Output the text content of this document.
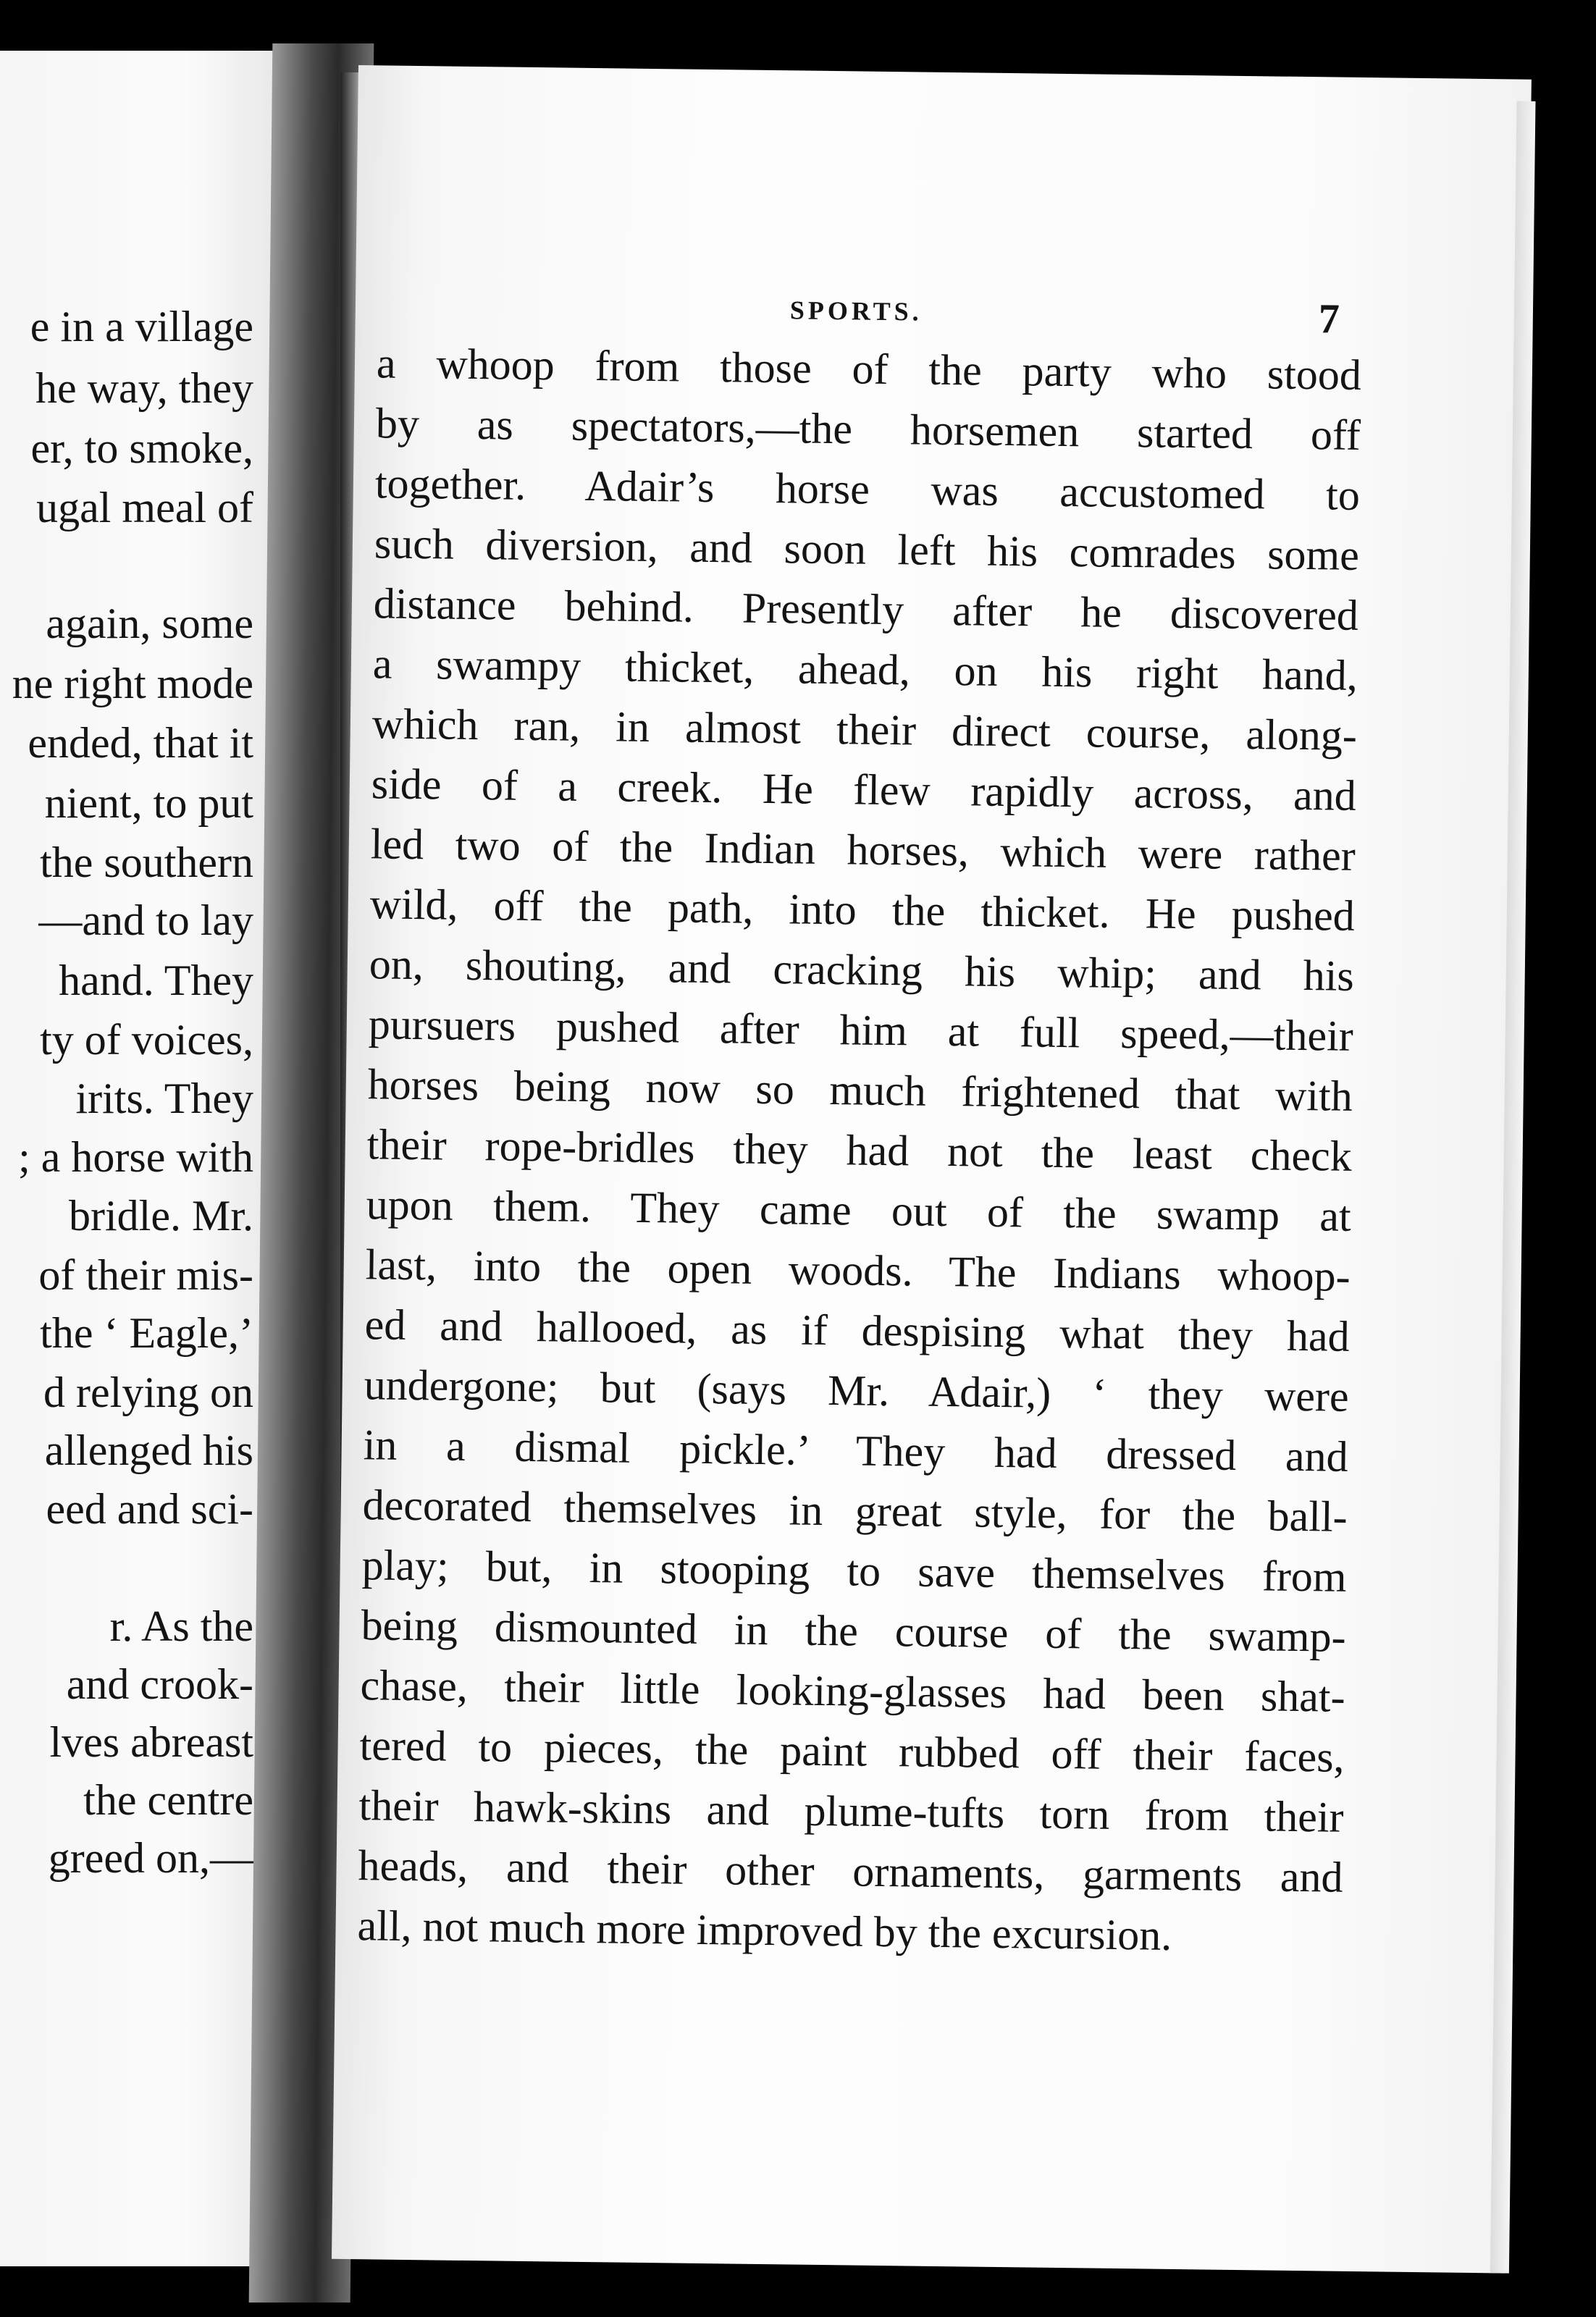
e in a village
he way, they
er, to smoke,
ugal meal of
again, some
ne right mode
ended, that it
nient, to put
the southern
—and to lay
hand. They
ty of voices,
irits. They
; a horse with
bridle. Mr.
of their mis-
the ‘ Eagle,’
d relying on
allenged his
eed and sci-
r. As the
and crook-
lves abreast
the centre
greed on,—
SPORTS.	7
a whoop from those of the party who stood
by as spectators,—the horsemen started off
together. Adair’s horse was accustomed to
such diversion, and soon left his comrades some
distance behind. Presently after he discovered
a swampy thicket, ahead, on his right hand,
which ran, in almost their direct course, along-
side of a creek. He flew rapidly across, and
led two of the Indian horses, which were rather
wild, off the path, into the thicket. He pushed
on, shouting, and cracking his whip; and his
pursuers pushed after him at full speed,—their
horses being now so much frightened that with
their rope-bridles they had not the least check
upon them. They came out of the swamp at
last, into the open woods. The Indians whoop-
ed and hallooed, as if despising what they had
undergone; but (says Mr. Adair,) ‘ they were
in a dismal pickle.’ They had dressed and
decorated themselves in great style, for the ball-
play; but, in stooping to save themselves from
being dismounted in the course of the swamp-
chase, their little looking-glasses had been shat-
tered to pieces, the paint rubbed off their faces,
their hawk-skins and plume-tufts torn from their
heads, and their other ornaments, garments and
all, not much more improved by the excursion.
